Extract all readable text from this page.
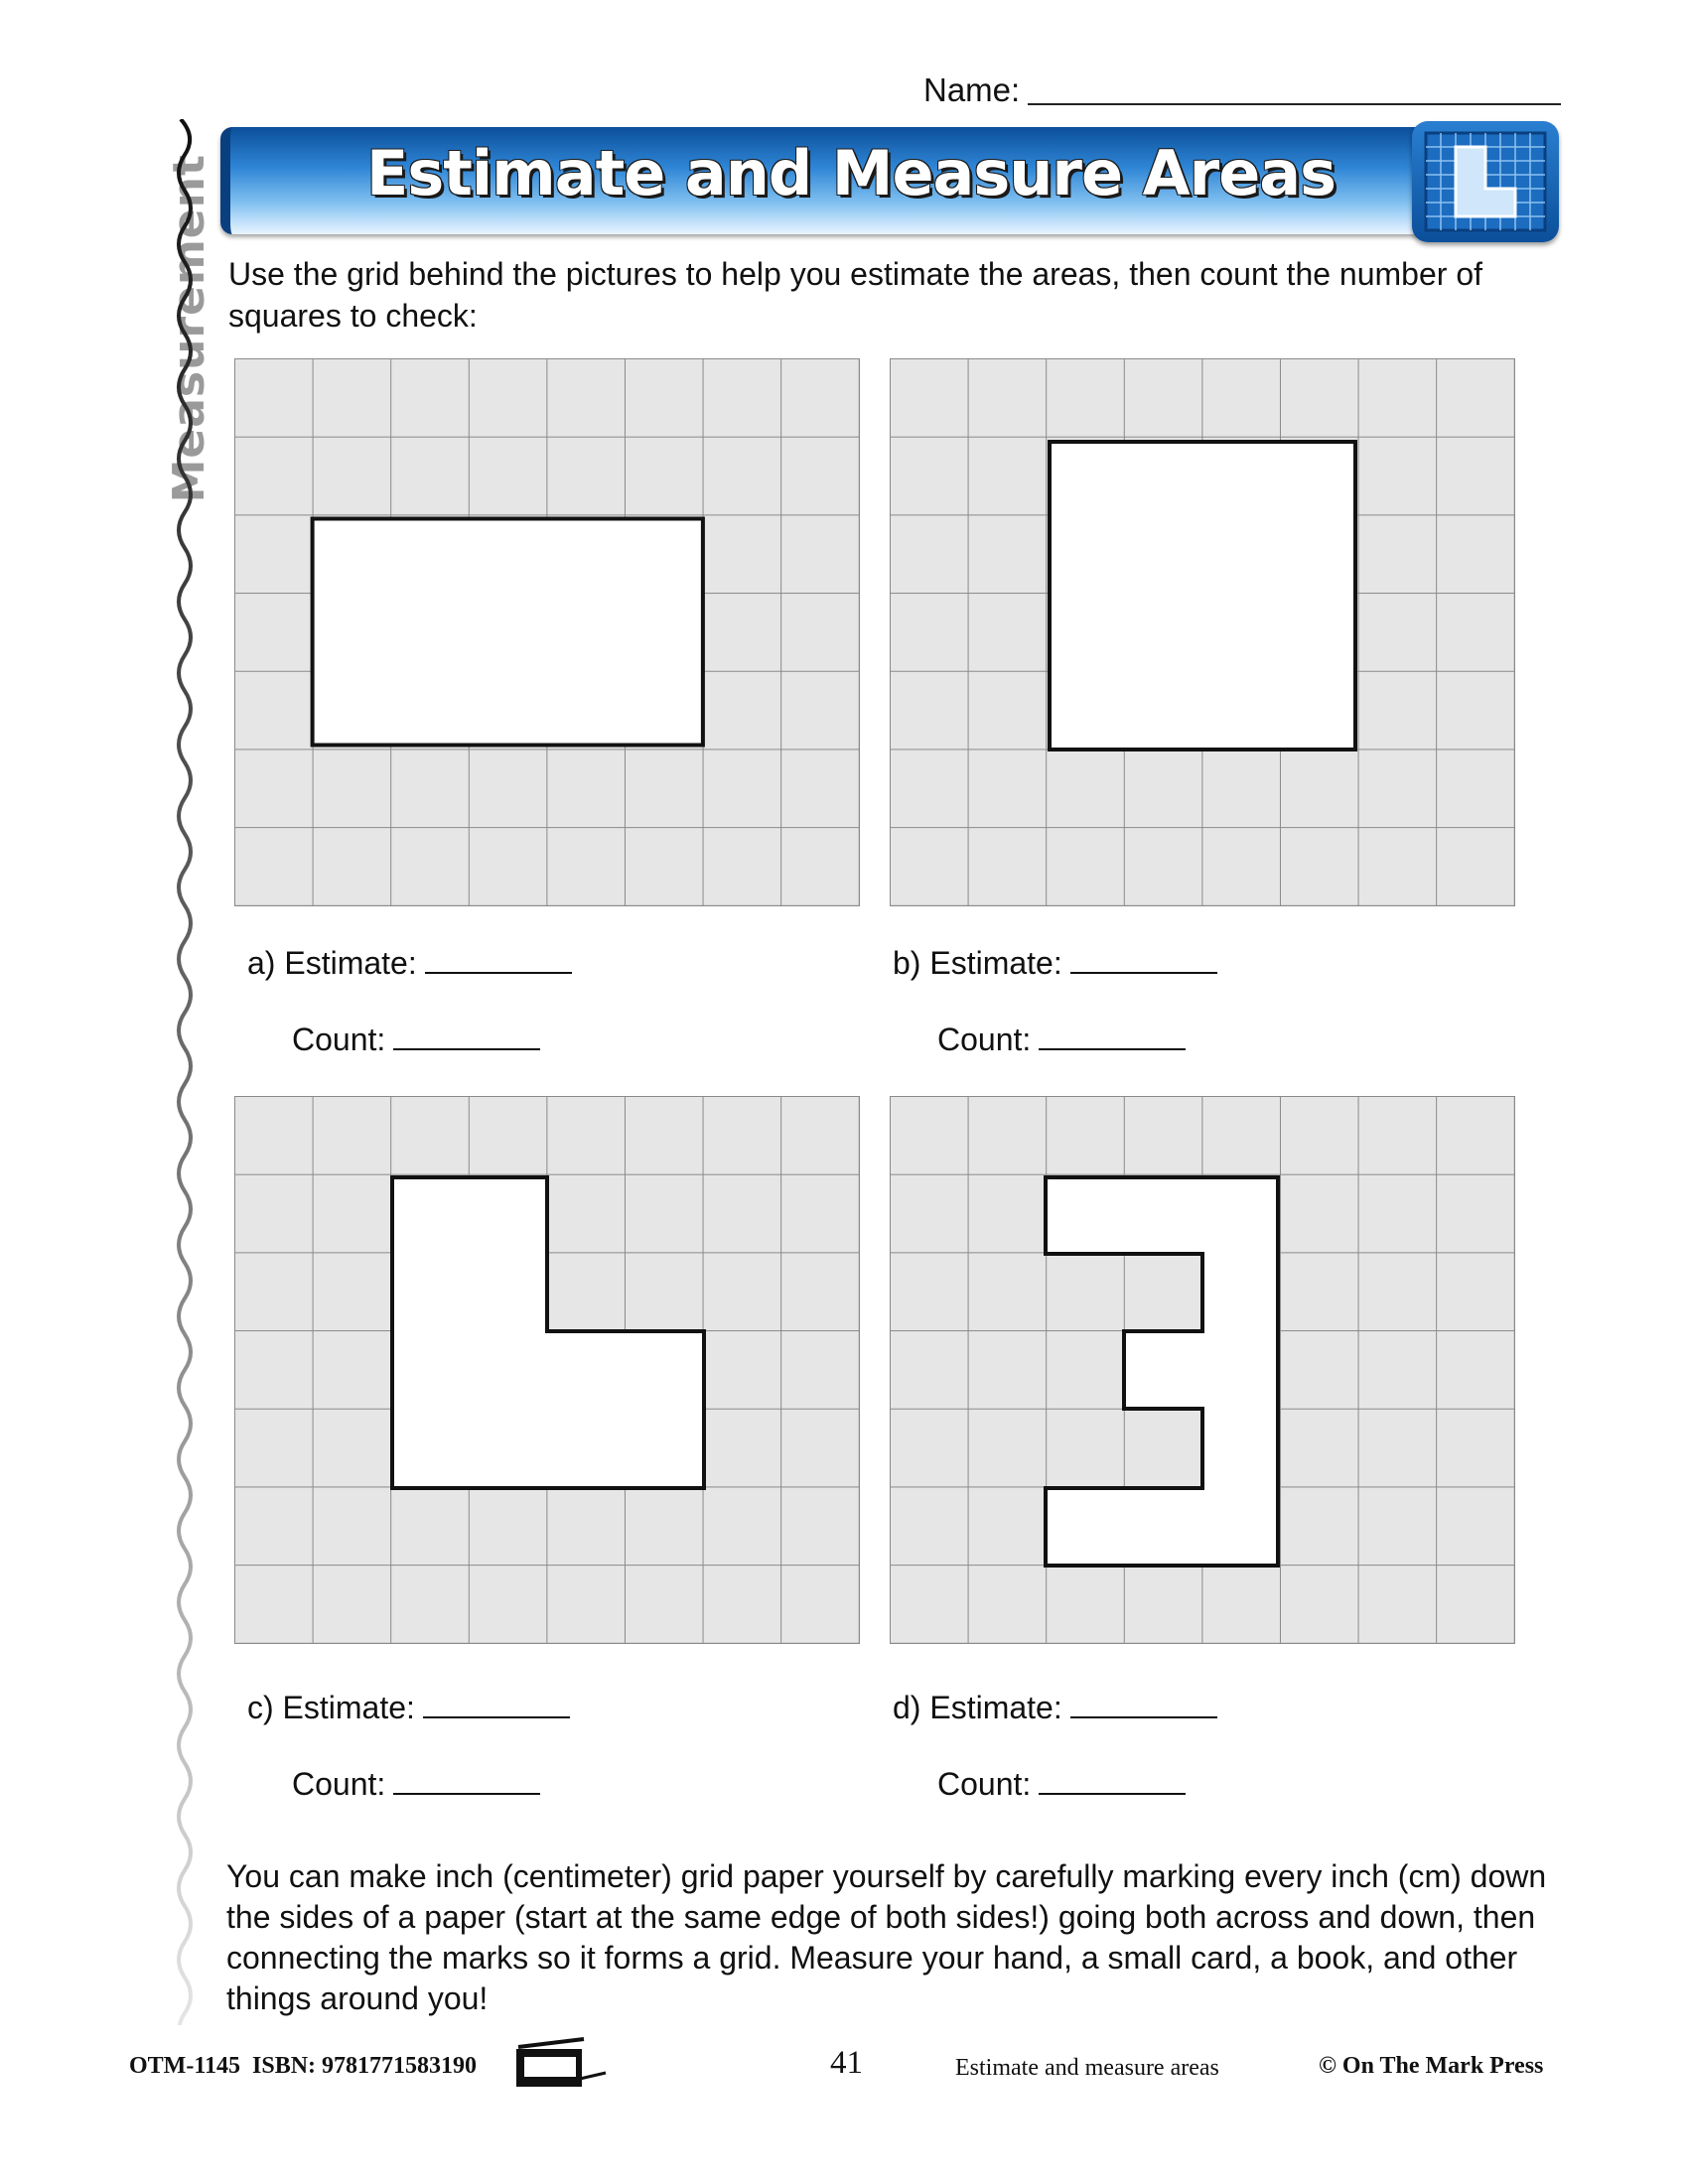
Name:
Measurement	Estimate and Measure Areas
Use the grid behind the pictures to help you estimate the areas, then count the number of squares to check:
a) Estimate:
Count:
b) Estimate:
Count:
c) Estimate:
Count:
d) Estimate:
Count:
You can make inch (centimeter) grid paper yourself by carefully marking every inch (cm) down the sides of a paper (start at the same edge of both sides!) going both across and down, then connecting the marks so it forms a grid. Measure your hand, a small card, a book, and other things around you!
OTM-1145 ISBN: 9781771583190	41	Estimate and measure areas	© On The Mark Press
